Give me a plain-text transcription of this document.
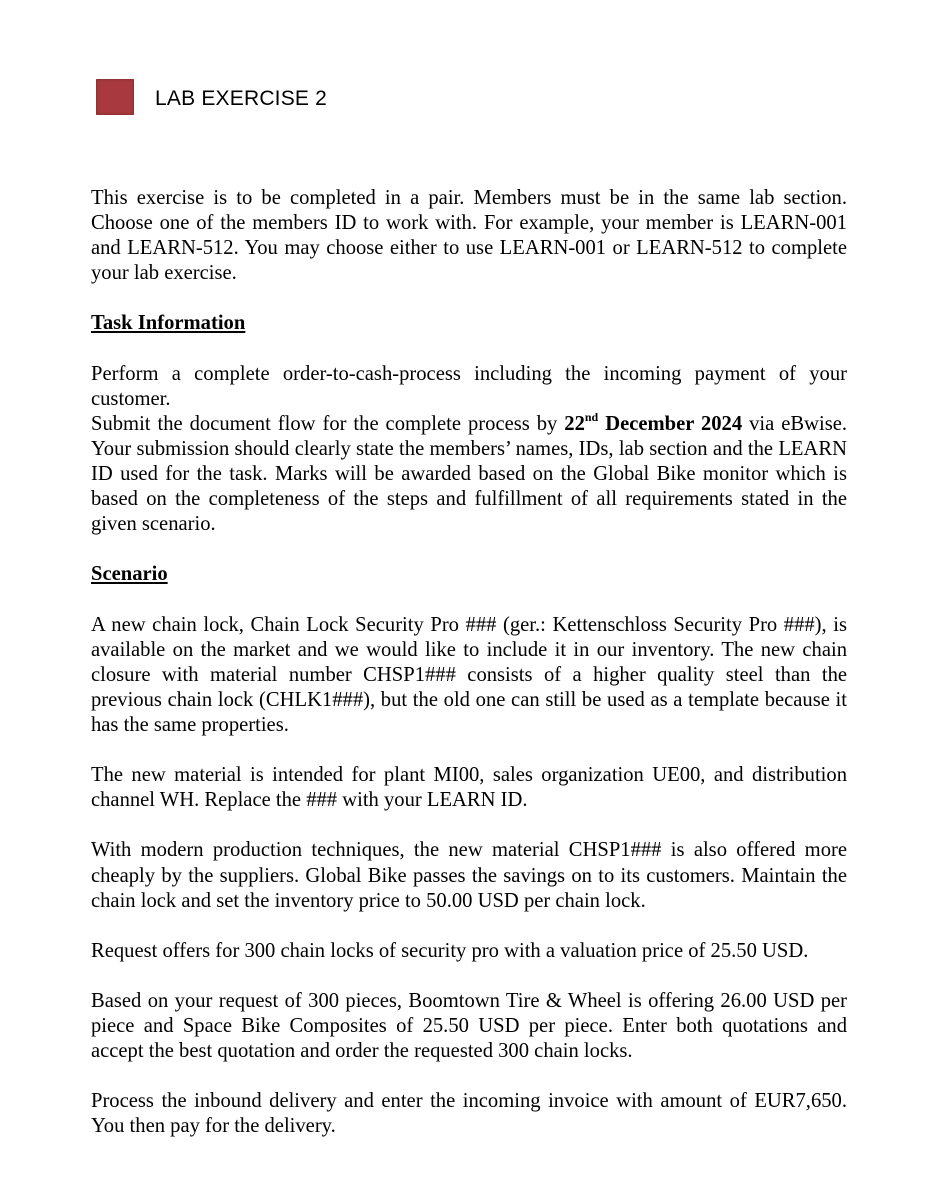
LAB EXERCISE 2

This exercise is to be completed in a pair. Members must be in the same lab section. Choose one of the members ID to work with. For example, your member is LEARN-001 and LEARN-512. You may choose either to use LEARN-001 or LEARN-512 to complete your lab exercise.

Task Information

Perform a complete order-to-cash-process including the incoming payment of your customer.

Submit the document flow for the complete process by 22nd December 2024 via eBwise. Your submission should clearly state the members’ names, IDs, lab section and the LEARN ID used for the task. Marks will be awarded based on the Global Bike monitor which is based on the completeness of the steps and fulfillment of all requirements stated in the given scenario.

Scenario

A new chain lock, Chain Lock Security Pro ### (ger.: Kettenschloss Security Pro ###), is available on the market and we would like to include it in our inventory. The new chain closure with material number CHSP1### consists of a higher quality steel than the previous chain lock (CHLK1###), but the old one can still be used as a template because it has the same properties.

The new material is intended for plant MI00, sales organization UE00, and distribution channel WH. Replace the ### with your LEARN ID.

With modern production techniques, the new material CHSP1### is also offered more cheaply by the suppliers. Global Bike passes the savings on to its customers. Maintain the chain lock and set the inventory price to 50.00 USD per chain lock.

Request offers for 300 chain locks of security pro with a valuation price of 25.50 USD.

Based on your request of 300 pieces, Boomtown Tire & Wheel is offering 26.00 USD per piece and Space Bike Composites of 25.50 USD per piece. Enter both quotations and accept the best quotation and order the requested 300 chain locks.

Process the inbound delivery and enter the incoming invoice with amount of EUR7,650. You then pay for the delivery.
